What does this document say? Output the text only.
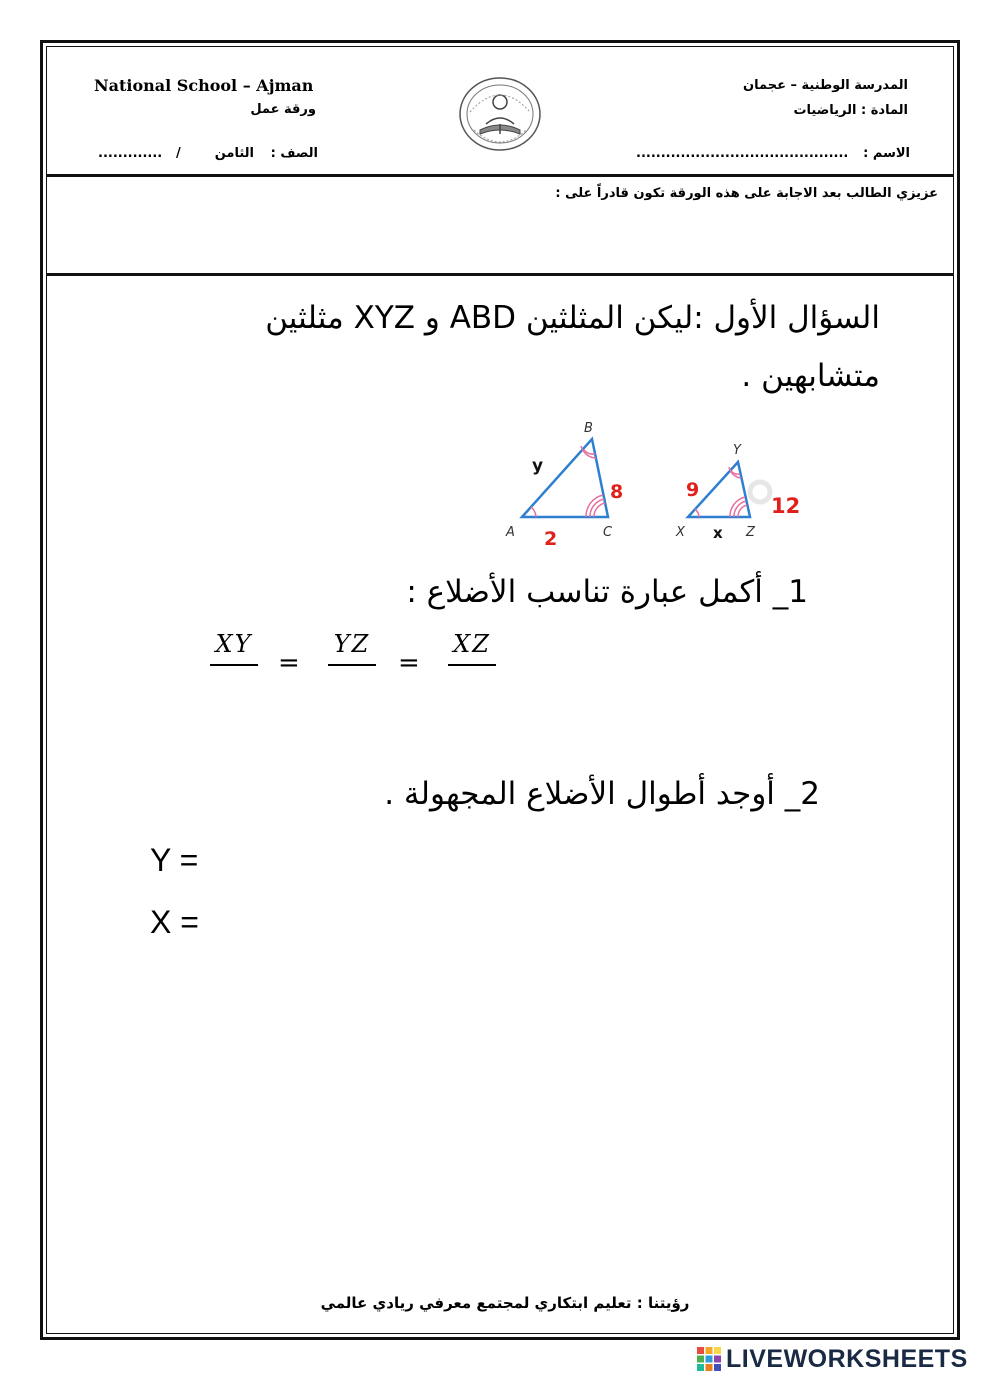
National School – Ajman
ورقة عمل
المدرسة الوطنية – عجمان
المادة : الرياضيات
الصف :
الثامن
/
.............	الاسم :
...........................................
عزيزي الطالب بعد الاجابة على هذه الورقة تكون قادراً على :
السؤال الأول :ليكن المثلثين ABD و XYZ مثلثين
متشابهين .
A
B
C
y
8
2	X
Y
Z
9
12
x
1_ أكمل عبارة تناسب الأضلاع :
XY
=
YZ
=
XZ
2_ أوجد أطوال الأضلاع المجهولة .
Y =
X =
رؤيتنا : تعليم ابتكاري لمجتمع معرفي ريادي عالمي
LIVEWORKSHEETS
